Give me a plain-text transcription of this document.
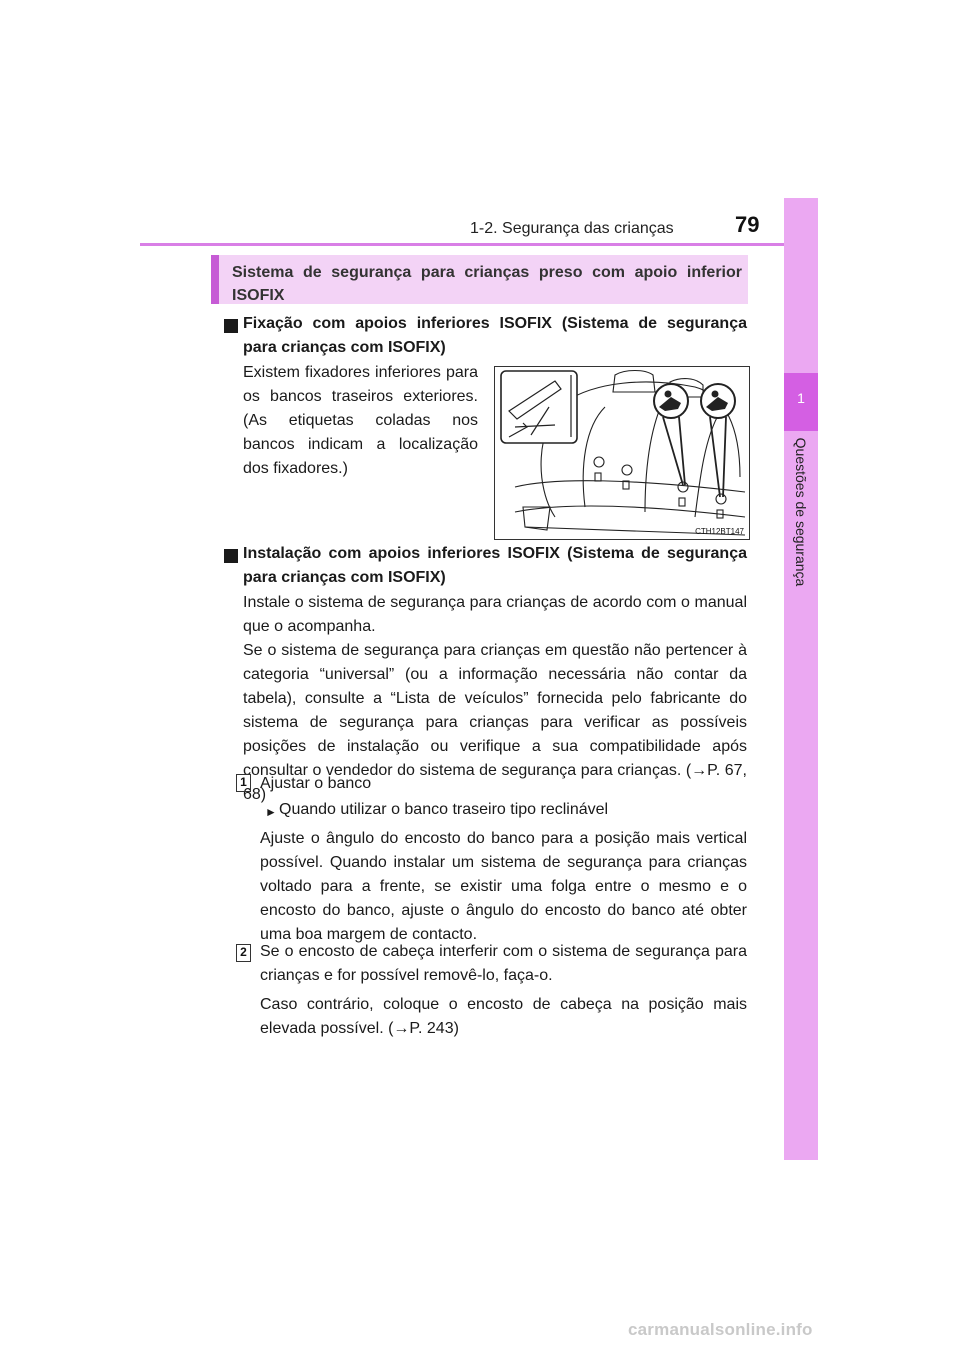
1-2. Segurança das crianças	79
1
Questões de segurança
Sistema de segurança para crianças preso com apoio inferior ISOFIX
Fixação com apoios inferiores ISOFIX (Sistema de segurança para crianças com ISOFIX)
Existem fixadores inferiores para os bancos traseiros exteriores. (As etiquetas coladas nos bancos indicam a localização dos fixadores.)
CTH12BT147
Instalação com apoios inferiores ISOFIX (Sistema de segurança para crianças com ISOFIX)
Instale o sistema de segurança para crianças de acordo com o manual que o acompanha.
Se o sistema de segurança para crianças em questão não pertencer à categoria “universal” (ou a informação necessária não contar da tabela), consulte a “Lista de veículos” fornecida pelo fabricante do sistema de segurança para crianças para verificar as possíveis posições de instalação ou verifique a sua compatibilidade após consultar o vendedor do sistema de segurança para crianças. (→P. 67, 68)
1 Ajustar o banco
► Quando utilizar o banco traseiro tipo reclinável
Ajuste o ângulo do encosto do banco para a posição mais vertical possível. Quando instalar um sistema de segurança para crianças voltado para a frente, se existir uma folga entre o mesmo e o encosto do banco, ajuste o ângulo do encosto do banco até obter uma boa margem de contacto.
2 Se o encosto de cabeça interferir com o sistema de segurança para crianças e for possível removê-lo, faça-o.
Caso contrário, coloque o encosto de cabeça na posição mais elevada possível. (→P. 243)
carmanualsonline.info
